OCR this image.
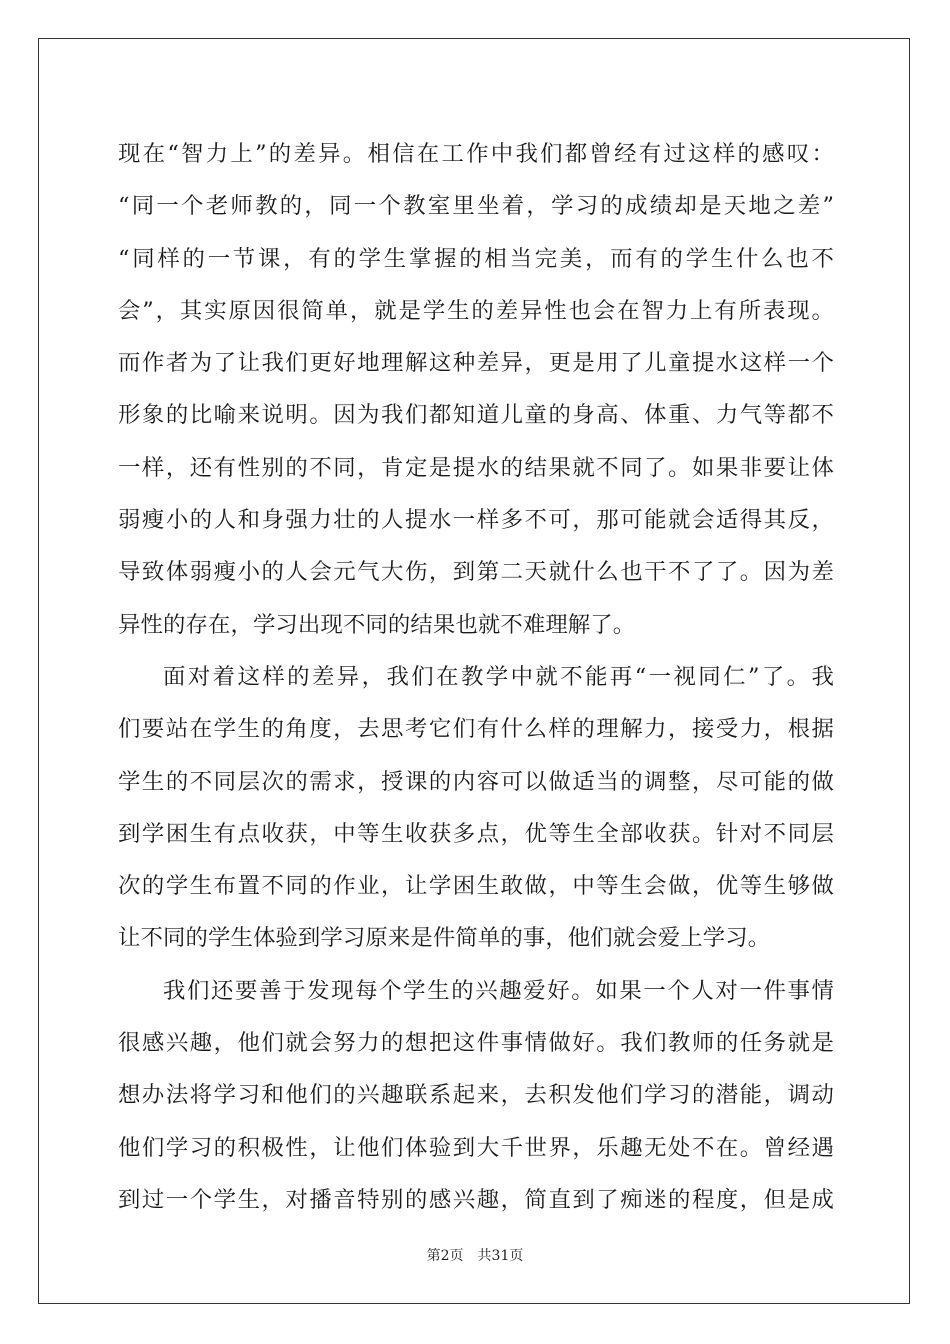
现在“智力上”的差异。相信在工作中我们都曾经有过这样的感叹：
“同一个老师教的，同一个教室里坐着，学习的成绩却是天地之差”
“同样的一节课，有的学生掌握的相当完美，而有的学生什么也不
会”，其实原因很简单，就是学生的差异性也会在智力上有所表现。
而作者为了让我们更好地理解这种差异，更是用了儿童提水这样一个
形象的比喻来说明。因为我们都知道儿童的身高、体重、力气等都不
一样，还有性别的不同，肯定是提水的结果就不同了。如果非要让体
弱瘦小的人和身强力壮的人提水一样多不可，那可能就会适得其反，
导致体弱瘦小的人会元气大伤，到第二天就什么也干不了了。因为差
异性的存在，学习出现不同的结果也就不难理解了。
面对着这样的差异，我们在教学中就不能再“一视同仁”了。我
们要站在学生的角度，去思考它们有什么样的理解力，接受力，根据
学生的不同层次的需求，授课的内容可以做适当的调整，尽可能的做
到学困生有点收获，中等生收获多点，优等生全部收获。针对不同层
次的学生布置不同的作业，让学困生敢做，中等生会做，优等生够做
让不同的学生体验到学习原来是件简单的事，他们就会爱上学习。
我们还要善于发现每个学生的兴趣爱好。如果一个人对一件事情
很感兴趣，他们就会努力的想把这件事情做好。我们教师的任务就是
想办法将学习和他们的兴趣联系起来，去积发他们学习的潜能，调动
他们学习的积极性，让他们体验到大千世界，乐趣无处不在。曾经遇
到过一个学生，对播音特别的感兴趣，简直到了痴迷的程度，但是成
第2页　共31页
